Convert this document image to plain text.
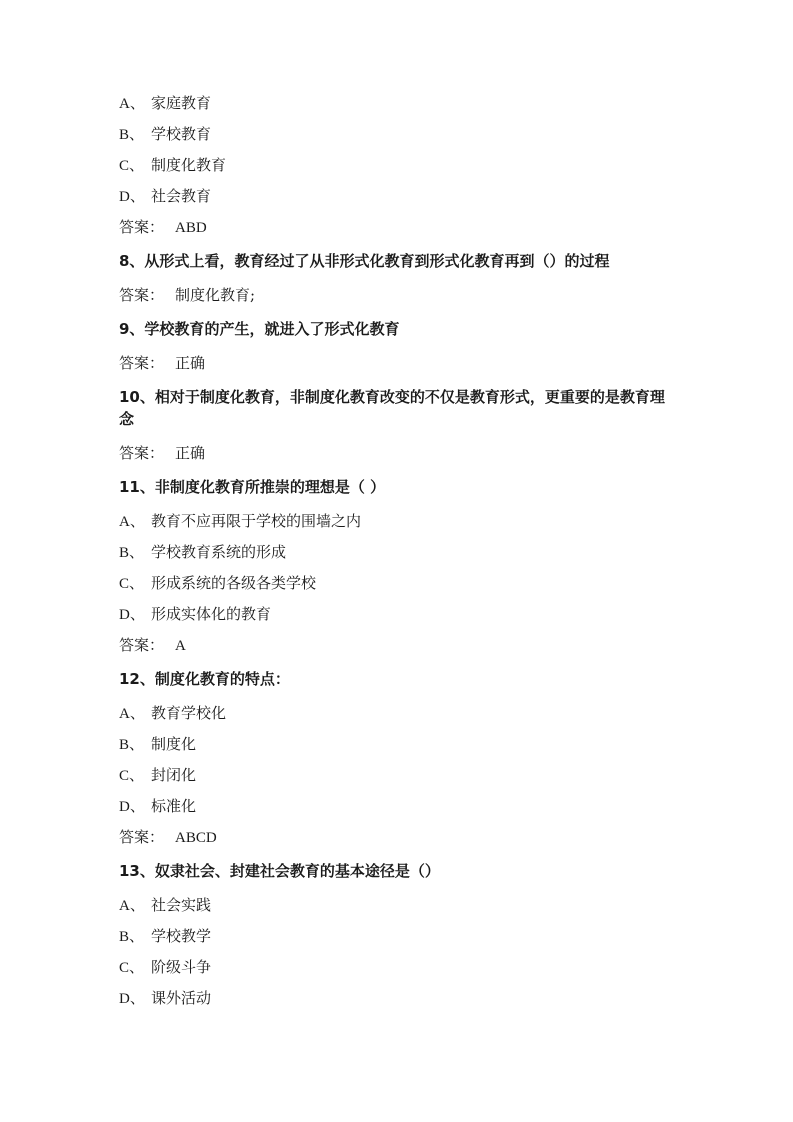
A、 家庭教育
B、 学校教育
C、 制度化教育
D、 社会教育
答案： ABD
8、从形式上看，教育经过了从非形式化教育到形式化教育再到（）的过程
答案： 制度化教育;
9、学校教育的产生，就进入了形式化教育
答案： 正确
10、相对于制度化教育，非制度化教育改变的不仅是教育形式，更重要的是教育理念
答案： 正确
11、非制度化教育所推崇的理想是（ ）
A、 教育不应再限于学校的围墙之内
B、 学校教育系统的形成
C、 形成系统的各级各类学校
D、 形成实体化的教育
答案： A
12、制度化教育的特点：
A、 教育学校化
B、 制度化
C、 封闭化
D、 标准化
答案： ABCD
13、奴隶社会、封建社会教育的基本途径是（）
A、 社会实践
B、 学校教学
C、 阶级斗争
D、 课外活动
